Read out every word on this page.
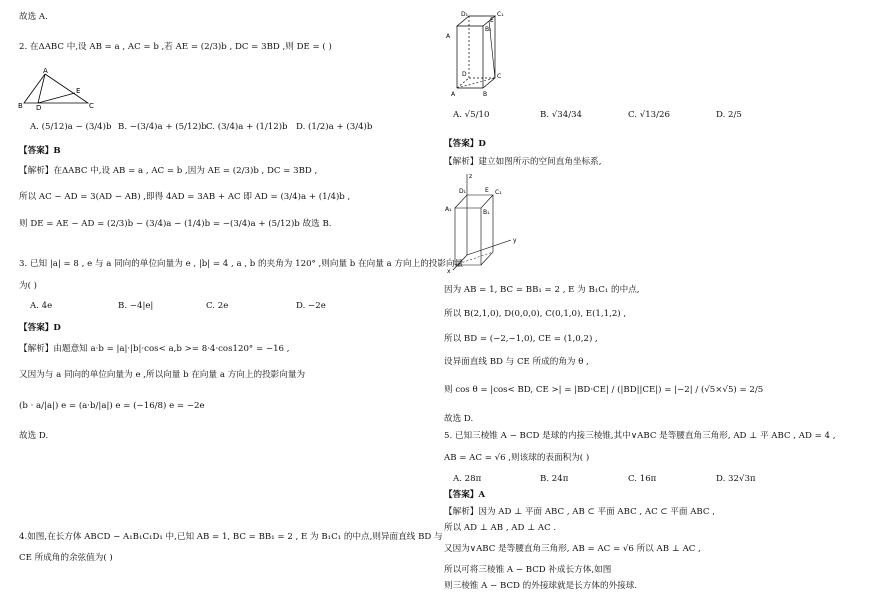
故选 A.
2. 在ΔABC 中,设 AB = a , AC = b ,若 AE = (2/3)b , DC = 3BD ,则 DE = ( )
A
B D
E
C
A. (5/12)a − (3/4)b B. −(3/4)a + (5/12)b C. (3/4)a + (1/12)b D. (1/2)a + (3/4)b
【答案】B
【解析】在ΔABC 中,设 AB = a , AC = b ,因为 AE = (2/3)b , DC = 3BD ,
所以 AC − AD = 3(AD − AB) ,即得 4AD = 3AB + AC 即 AD = (3/4)a + (1/4)b ,
则 DE = AE − AD = (2/3)b − (3/4)a − (1/4)b = −(3/4)a + (5/12)b 故选 B.
3. 已知 |a| = 8 , e 与 a 同向的单位向量为 e , |b| = 4 , a , b 的夹角为 120° ,则向量 b 在向量 a 方向上的投影向量
为( )
A. 4e	B. −4|e|	C. 2e	D. −2e
【答案】D
【解析】由题意知 a·b = |a|·|b|·cos< a,b >= 8·4·cos120° = −16 ,
又因为与 a 同向的单位向量为 e ,所以向量 b 在向量 a 方向上的投影向量为
(b · a/|a|) e = (a·b/|a|) e = (−16/8) e = −2e
故选 D.
4.如图,在长方体 ABCD − A₁B₁C₁D₁ 中,已知 AB = 1, BC = BB₁ = 2 , E 为 B₁C₁ 的中点,则异面直线 BD 与
CE 所成角的余弦值为( )
D₁	C₁
E
A
B₁
D	C
A	B
A. √5/10	B. √34/34	C. √13/26	D. 2/5
【答案】D
【解析】建立如图所示的空间直角坐标系,
z
D₁	E C₁
A₁	B₁
y
x
因为 AB = 1, BC = BB₁ = 2 , E 为 B₁C₁ 的中点,
所以 B(2,1,0), D(0,0,0), C(0,1,0), E(1,1,2) ,
所以 BD = (−2,−1,0), CE = (1,0,2) ,
设异面直线 BD 与 CE 所成的角为 θ ,
则 cos θ = |cos< BD, CE >| = |BD·CE| / (|BD||CE|) = |−2| / (√5×√5) = 2/5
故选 D.
5. 已知三棱锥 A − BCD 是球的内接三棱锥,其中∨ABC 是等腰直角三角形, AD ⊥ 平 ABC , AD = 4 ,
AB = AC = √6 ,则该球的表面积为( )
A. 28π	B. 24π	C. 16π	D. 32√3π
【答案】A
【解析】因为 AD ⊥ 平面 ABC , AB ⊂ 平面 ABC , AC ⊂ 平面 ABC ,
所以 AD ⊥ AB , AD ⊥ AC .
又因为∨ABC 是等腰直角三角形, AB = AC = √6 所以 AB ⊥ AC ,
所以可将三棱锥 A − BCD 补成长方体,如图
则三棱锥 A − BCD 的外接球就是长方体的外接球.
